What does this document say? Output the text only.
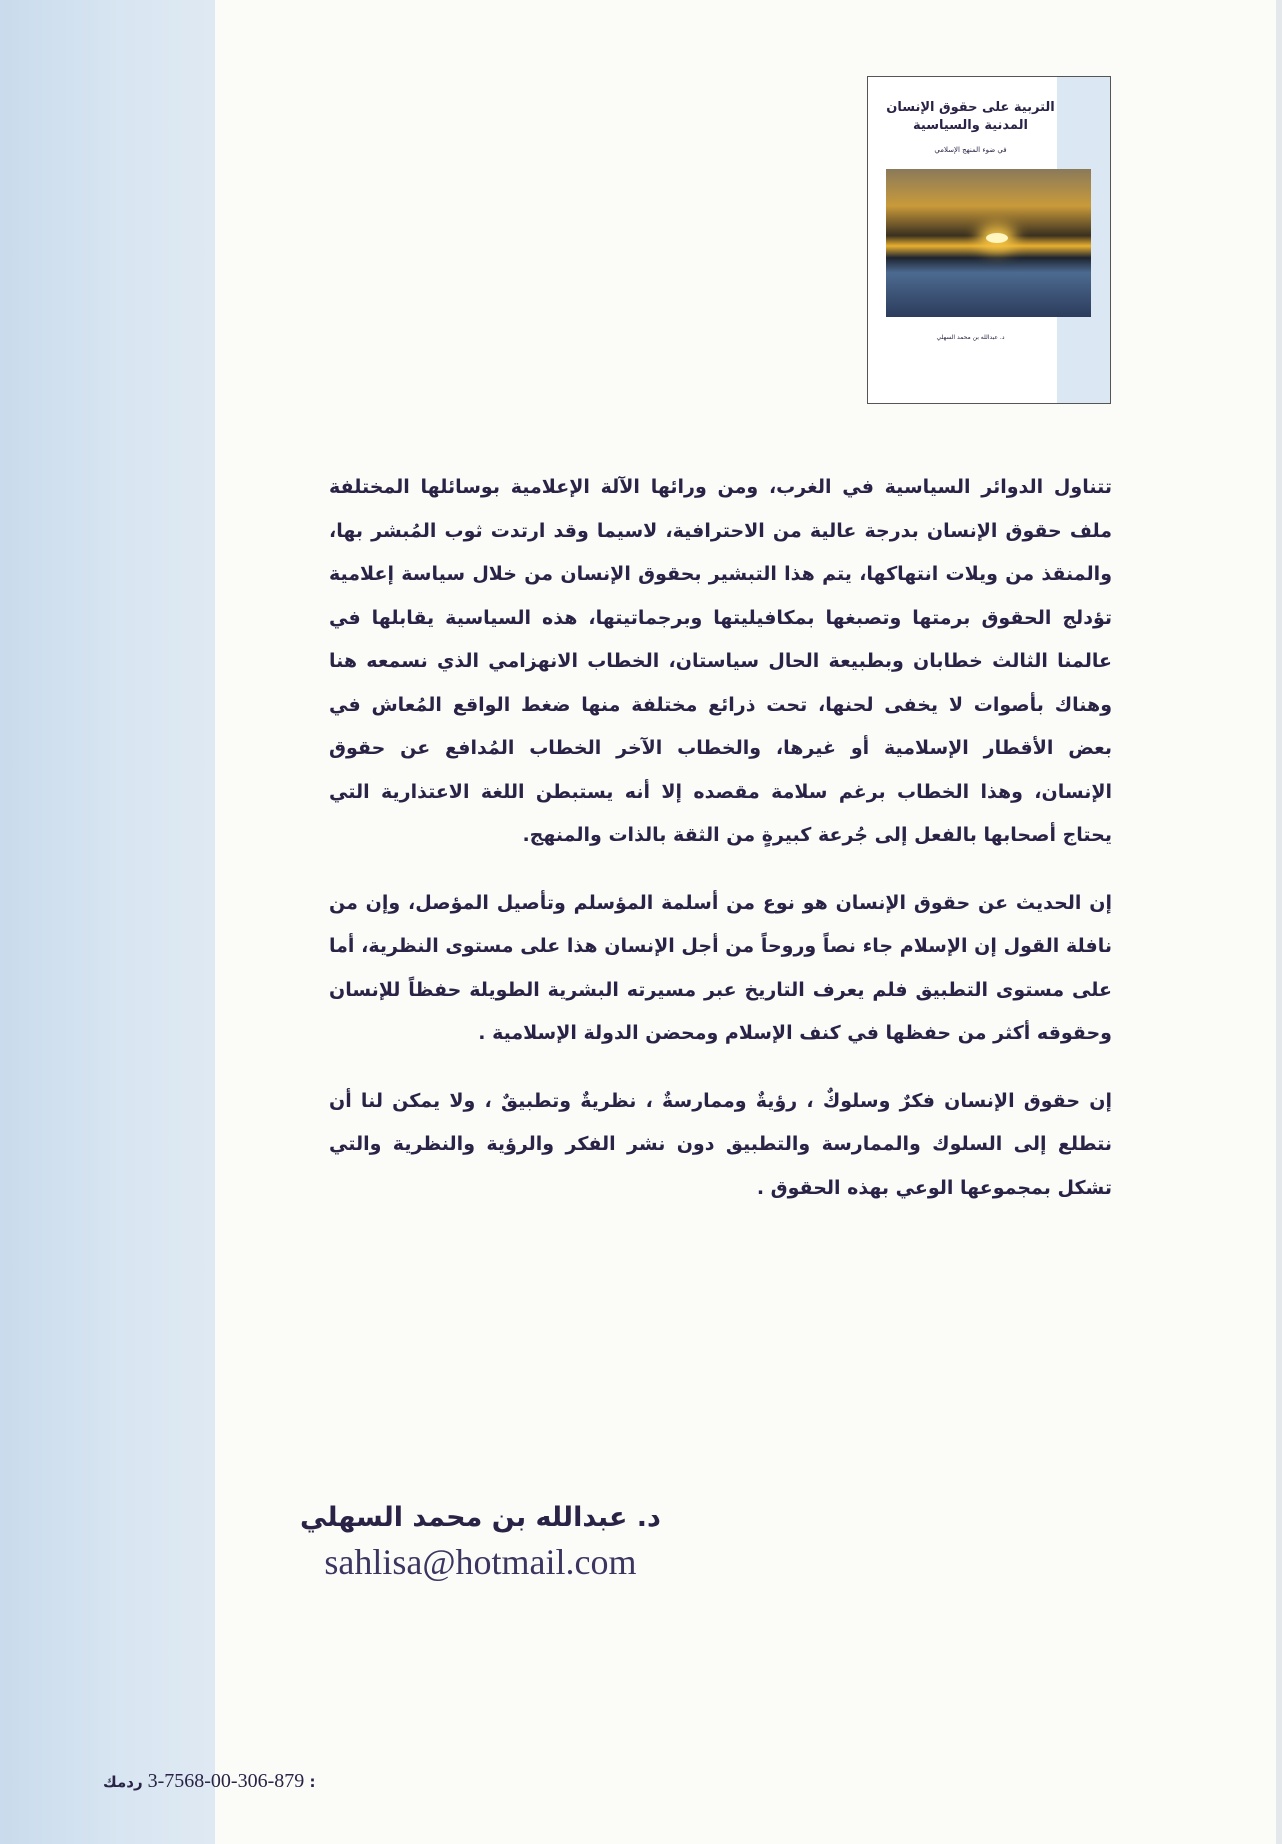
التربية على حقوق الإنسان المدنية والسياسية
في ضوء المنهج الإسلامي
د. عبدالله بن محمد السهلي
تتناول الدوائر السياسية في الغرب، ومن ورائها الآلة الإعلامية بوسائلها المختلفة ملف حقوق الإنسان بدرجة عالية من الاحترافية، لاسيما وقد ارتدت ثوب المُبشر بها، والمنقذ من ويلات انتهاكها، يتم هذا التبشير بحقوق الإنسان من خلال سياسة إعلامية تؤدلج الحقوق برمتها وتصبغها بمكافيليتها وبرجماتيتها، هذه السياسية يقابلها في عالمنا الثالث خطابان وبطبيعة الحال سياستان، الخطاب الانهزامي الذي نسمعه هنا وهناك بأصوات لا يخفى لحنها، تحت ذرائع مختلفة منها ضغط الواقع المُعاش في بعض الأقطار الإسلامية أو غيرها، والخطاب الآخر الخطاب المُدافع عن حقوق الإنسان، وهذا الخطاب برغم سلامة مقصده إلا أنه يستبطن اللغة الاعتذارية التي يحتاج أصحابها بالفعل إلى جُرعة كبيرةٍ من الثقة بالذات والمنهج.
إن الحديث عن حقوق الإنسان هو نوع من أسلمة المؤسلم وتأصيل المؤصل، وإن من نافلة القول إن الإسلام جاء نصاً وروحاً من أجل الإنسان هذا على مستوى النظرية، أما على مستوى التطبيق فلم يعرف التاريخ عبر مسيرته البشرية الطويلة حفظاً للإنسان وحقوقه أكثر من حفظها في كنف الإسلام ومحضن الدولة الإسلامية .
إن حقوق الإنسان فكرٌ وسلوكٌ ، رؤيةٌ وممارسةٌ ، نظريةٌ وتطبيقٌ ، ولا يمكن لنا أن نتطلع إلى السلوك والممارسة والتطبيق دون نشر الفكر والرؤية والنظرية والتي تشكل بمجموعها الوعي بهذه الحقوق .
د. عبدالله بن محمد السهلي
sahlisa@hotmail.com
978-603-00-8657-3 ردمك :
